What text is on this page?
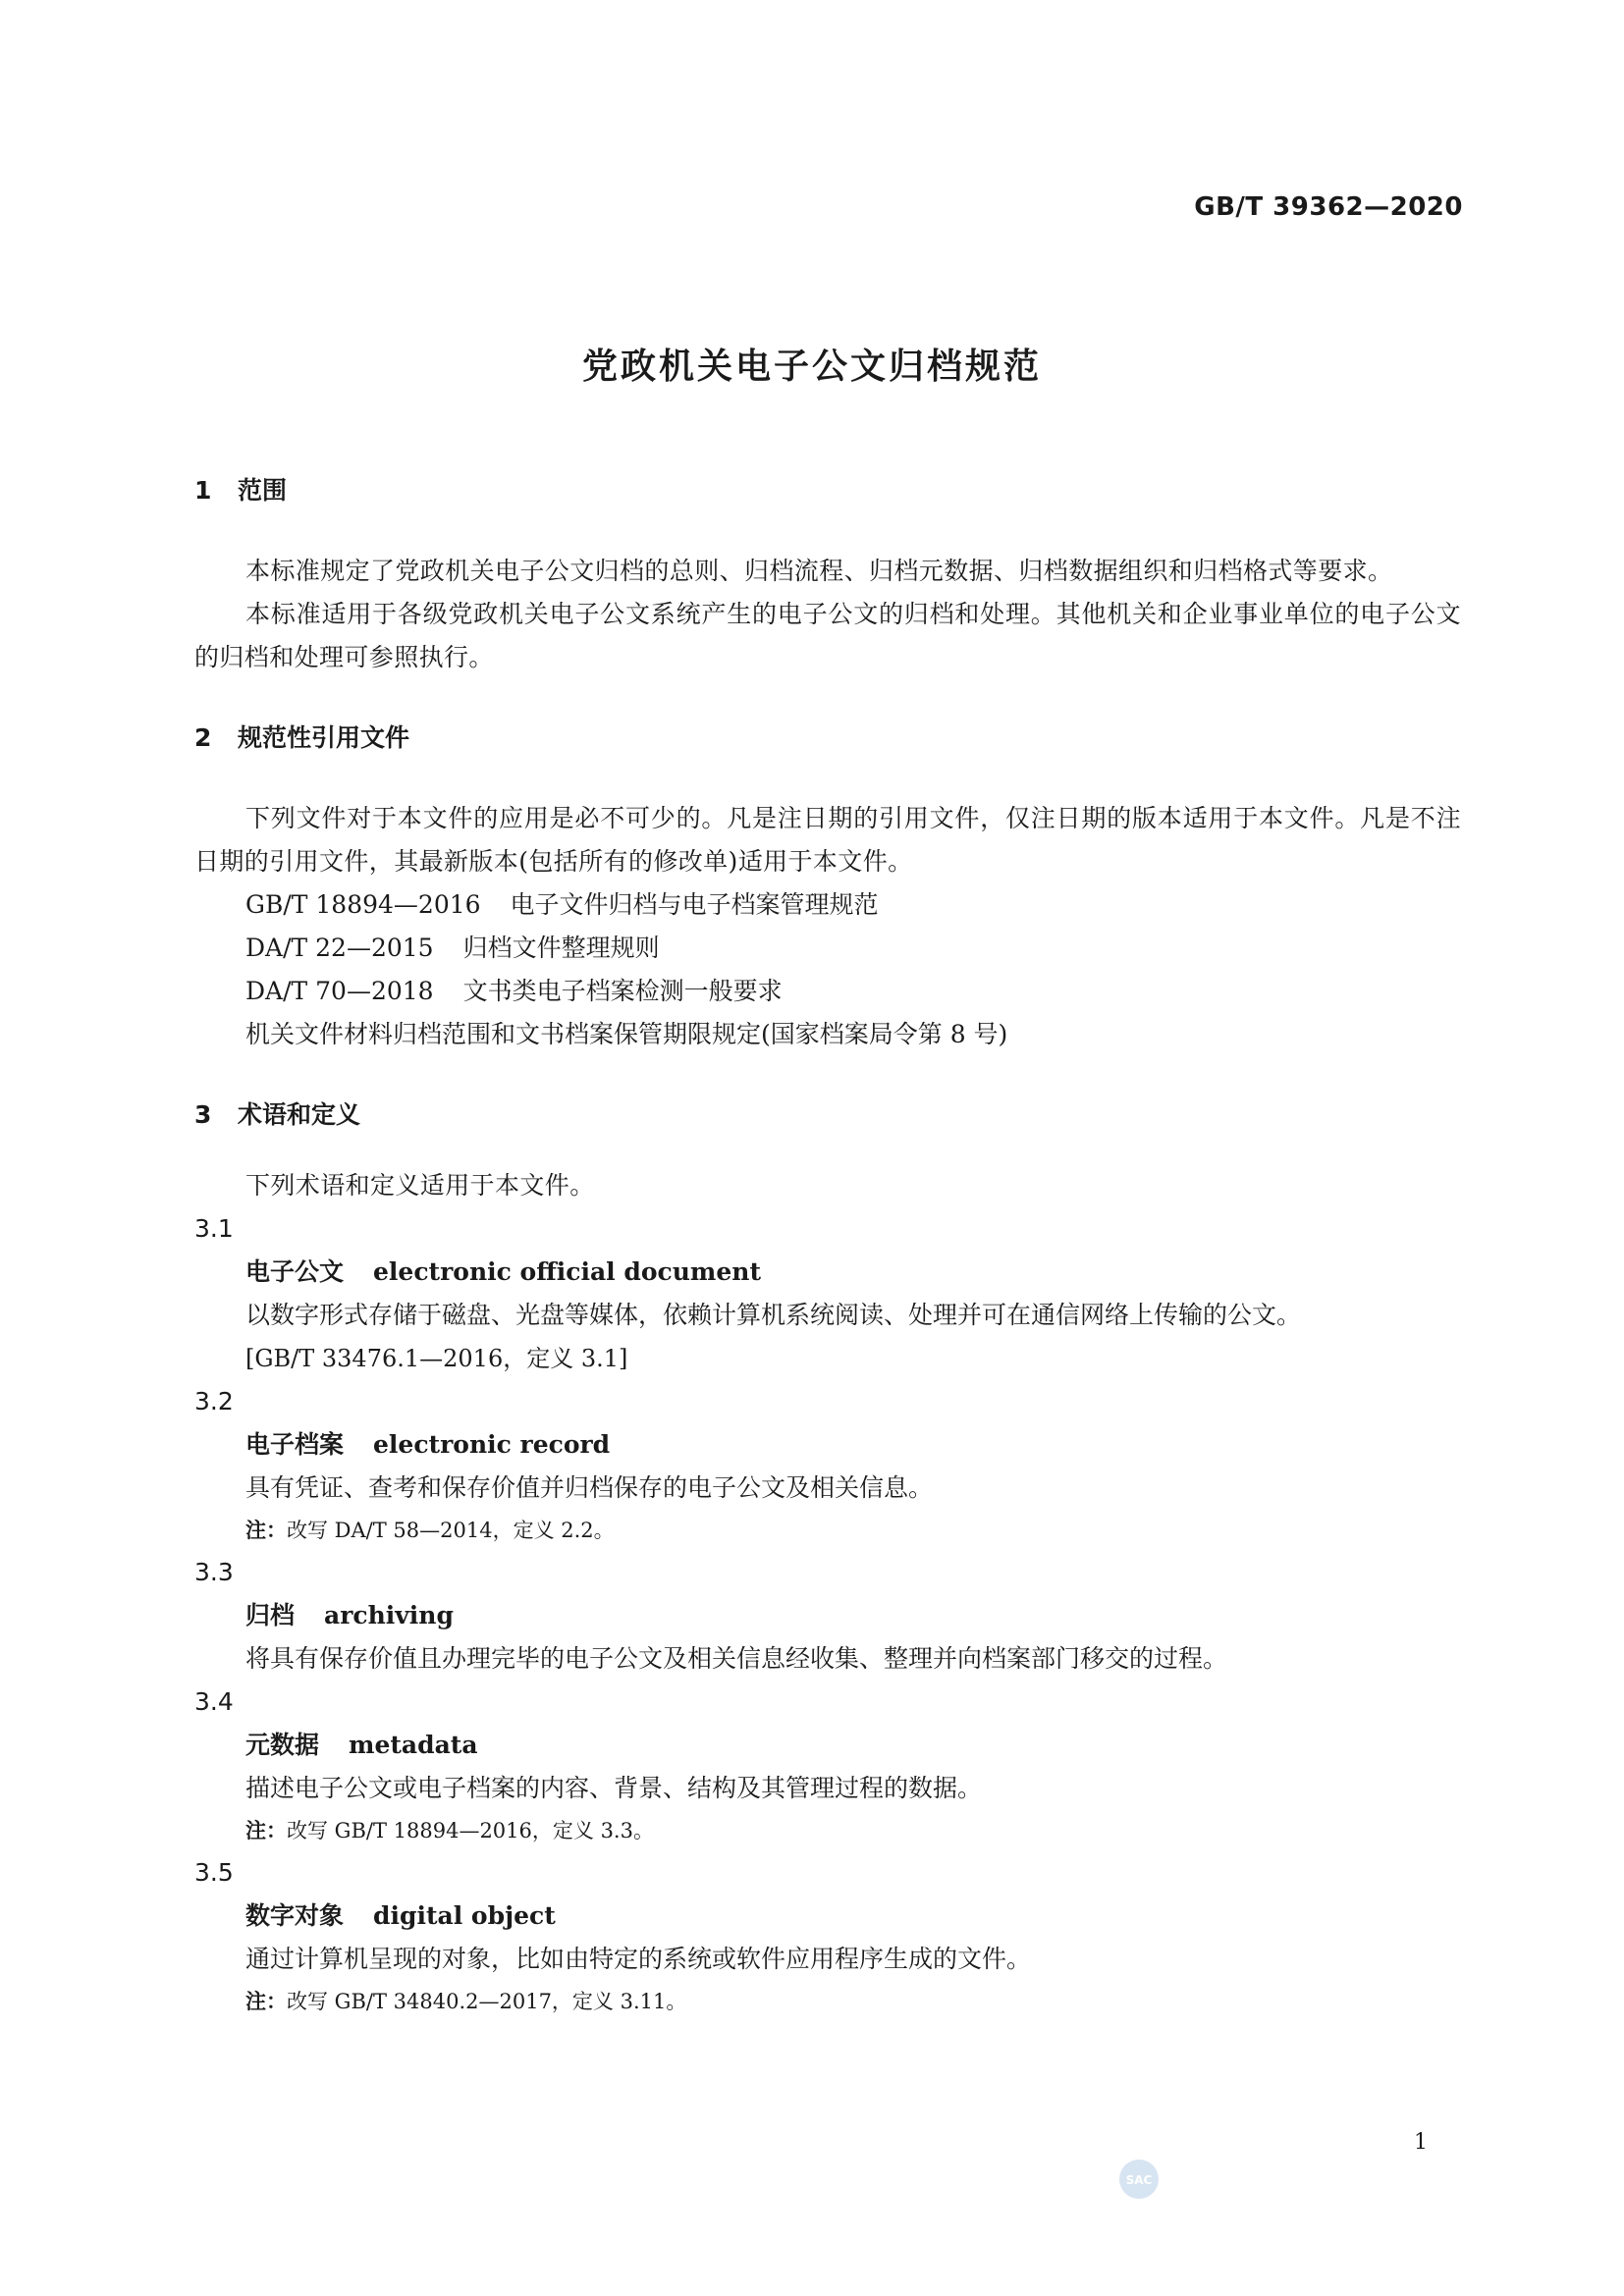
GB/T 39362—2020
党政机关电子公文归档规范
1 范围
本标准规定了党政机关电子公文归档的总则、归档流程、归档元数据、归档数据组织和归档格式等要求。
本标准适用于各级党政机关电子公文系统产生的电子公文的归档和处理。其他机关和企业事业单位的电子公文的归档和处理可参照执行。
2 规范性引用文件
下列文件对于本文件的应用是必不可少的。凡是注日期的引用文件，仅注日期的版本适用于本文件。凡是不注日期的引用文件，其最新版本(包括所有的修改单)适用于本文件。
GB/T 18894—2016 电子文件归档与电子档案管理规范
DA/T 22—2015 归档文件整理规则
DA/T 70—2018 文书类电子档案检测一般要求
机关文件材料归档范围和文书档案保管期限规定(国家档案局令第 8 号)
3 术语和定义
下列术语和定义适用于本文件。
3.1
电子公文 electronic official document
以数字形式存储于磁盘、光盘等媒体，依赖计算机系统阅读、处理并可在通信网络上传输的公文。
[GB/T 33476.1—2016，定义 3.1]
3.2
电子档案 electronic record
具有凭证、查考和保存价值并归档保存的电子公文及相关信息。
注：改写 DA/T 58—2014，定义 2.2。
3.3
归档 archiving
将具有保存价值且办理完毕的电子公文及相关信息经收集、整理并向档案部门移交的过程。
3.4
元数据 metadata
描述电子公文或电子档案的内容、背景、结构及其管理过程的数据。
注：改写 GB/T 18894—2016，定义 3.3。
3.5
数字对象 digital object
通过计算机呈现的对象，比如由特定的系统或软件应用程序生成的文件。
注：改写 GB/T 34840.2—2017，定义 3.11。
1
SAC
